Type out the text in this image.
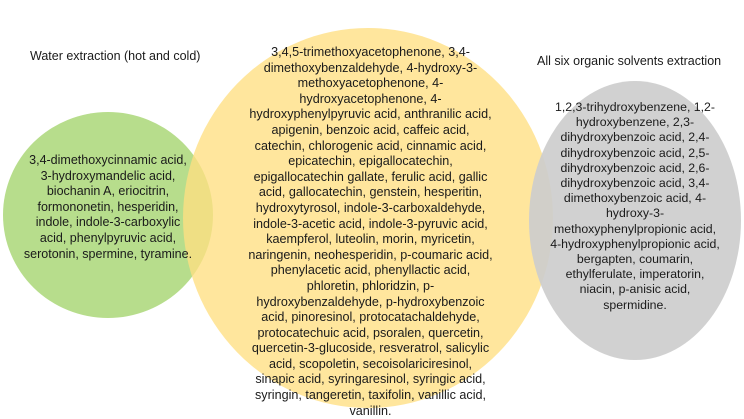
Water extraction (hot and cold)	All six organic solvents extraction
3,4-dimethoxycinnamic acid, 3-hydroxymandelic acid, biochanin A, eriocitrin, formononetin, hesperidin, indole, indole-3-carboxylic acid, phenylpyruvic acid, serotonin, spermine, tyramine.
3,4,5-trimethoxyacetophenone, 3,4-dimethoxybenzaldehyde, 4-hydroxy-3-methoxyacetophenone, 4-hydroxyacetophenone, 4-hydroxyphenylpyruvic acid, anthranilic acid, apigenin, benzoic acid, caffeic acid, catechin, chlorogenic acid, cinnamic acid, epicatechin, epigallocatechin, epigallocatechin gallate, ferulic acid, gallic acid, gallocatechin, genstein, hesperitin, hydroxytyrosol, indole-3-carboxaldehyde, indole-3-acetic acid, indole-3-pyruvic acid, kaempferol, luteolin, morin, myricetin, naringenin, neohesperidin, p-coumaric acid, phenylacetic acid, phenyllactic acid, phloretin, phloridzin, p-hydroxybenzaldehyde, p-hydroxybenzoic acid, pinoresinol, protocatachaldehyde, protocatechuic acid, psoralen, quercetin, quercetin-3-glucoside, resveratrol, salicylic acid, scopoletin, secoisolariciresinol, sinapic acid, syringaresinol, syringic acid, syringin, tangeretin, taxifolin, vanillic acid, vanillin.
1,2,3-trihydroxybenzene, 1,2-hydroxybenzene, 2,3-dihydroxybenzoic acid, 2,4-dihydroxybenzoic acid, 2,5-dihydroxybenzoic acid, 2,6-dihydroxybenzoic acid, 3,4-dimethoxybenzoic acid, 4-hydroxy-3-methoxyphenylpropionic acid, 4-hydroxyphenylpropionic acid, bergapten, coumarin, ethylferulate, imperatorin, niacin, p-anisic acid, spermidine.
